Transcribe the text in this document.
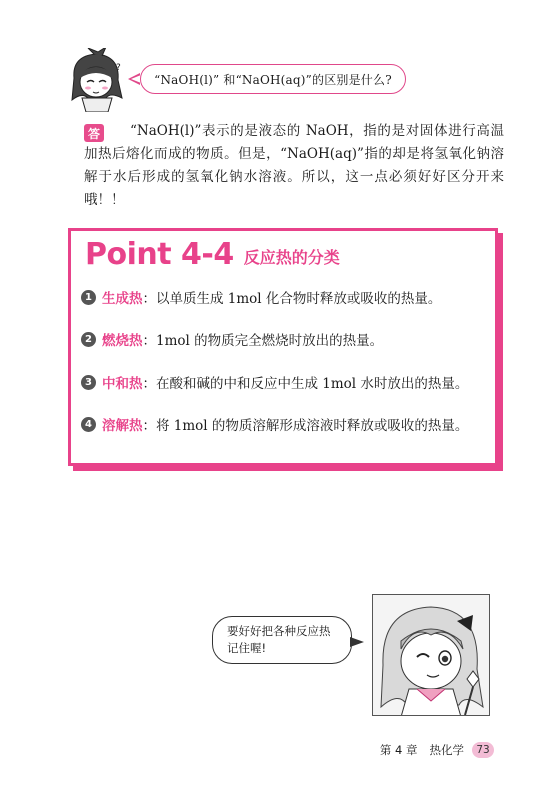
?
“NaOH(l)” 和“NaOH(aq)”的区别是什么?
答	“NaOH(l)”表示的是液态的 NaOH，指的是对固体进行高温加热后熔化而成的物质。但是，“NaOH(aq)”指的却是将氢氧化钠溶解于水后形成的氢氧化钠水溶液。所以，这一点必须好好区分开来哦！！
Point 4-4 反应热的分类
1 生成热 ：以单质生成 1mol 化合物时释放或吸收的热量。
2 燃烧热 ：1mol 的物质完全燃烧时放出的热量。
3 中和热 ：在酸和碱的中和反应中生成 1mol 水时放出的热量。
4 溶解热 ：将 1mol 的物质溶解形成溶液时释放或吸收的热量。
要好好把各种反应热
记住喔!
第 4 章 热化学	73
